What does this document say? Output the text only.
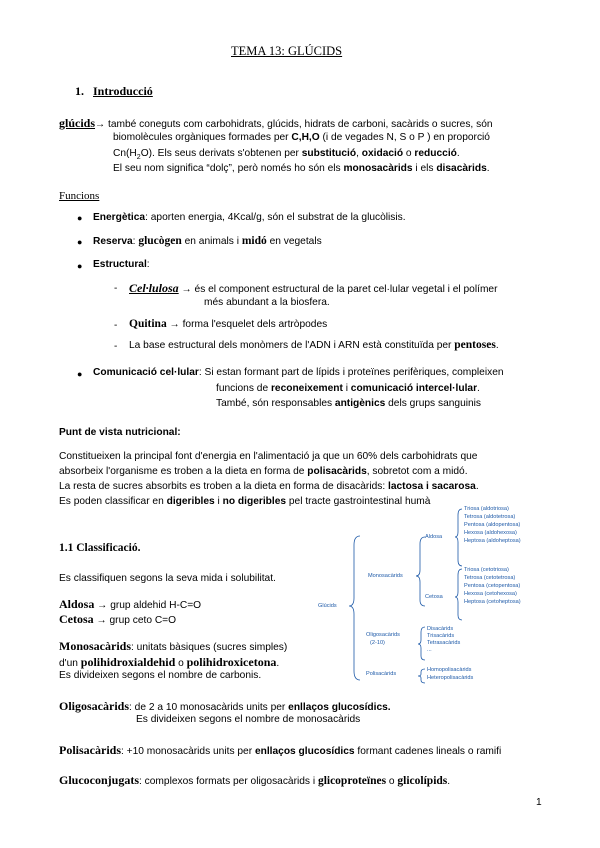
TEMA 13: GLÚCIDS
1. Introducció
glúcids→ també coneguts com carbohidrats, glúcids, hidrats de carboni, sacàrids o sucres, són
biomolècules orgàniques formades per C,H,O (i de vegades N, S o P ) en proporció
$Cn(H_2O)$. Els seus derivats s'obtenen per substitució, oxidació o reducció.
El seu nom significa “dolç”, però només ho són els monosacàrids i els disacàrids.
Funcions
● Energètica: aporten energia, 4Kcal/g, són el substrat de la glucòlisis.
● Reserva: glucògen en animals i midó en vegetals
● Estructural:
- Cel·lulosa → és el component estructural de la paret cel·lular vegetal i el polímer
més abundant a la biosfera.
- Quitina → forma l'esquelet dels artròpodes
- La base estructural dels monòmers de l'ADN i ARN està constituïda per pentoses.
● Comunicació cel·lular: Si estan formant part de lípids i proteïnes perifèriques, compleixen
funcions de reconeixement i comunicació intercel·lular.
També, són responsables antigènics dels grups sanguinis
Punt de vista nutricional:
Constitueixen la principal font d'energia en l'alimentació ja que un 60% dels carbohidrats que
absorbeix l'organisme es troben a la dieta en forma de polisacàrids, sobretot com a midó.
La resta de sucres absorbits es troben a la dieta en forma de disacàrids: lactosa i sacarosa.
Es poden classificar en digeribles i no digeribles pel tracte gastrointestinal humà
1.1 Classificació.
Es classifiquen segons la seva mida i solubilitat.
Aldosa → grup aldehid H-C=O
Cetosa → grup ceto C=O
Monosacàrids: unitats bàsiques (sucres simples)
d'un polihidroxialdehid o polihidroxicetona.
Es divideixen segons el nombre de carbonis.
Oligosacàrids: de 2 a 10 monosacàrids units per enllaços glucosídics.
Es divideixen segons el nombre de monosacàrids
Polisacàrids: +10 monosacàrids units per enllaços glucosídics formant cadenes lineals o ramifi
Glucoconjugats: complexos formats per oligosacàrids i glicoproteïnes o glicolípids.
Glúcids
Monosacàrids
Aldosa
Cetosa
Triosa (aldotriosa)
Tetrosa (aldotetrosa)
Pentosa (aldopentosa)
Hexosa (aldohexosa)
Heptosa (aldoheptosa)
Triosa (cetotriosa)
Tetrosa (cetotetrosa)
Pentosa (cetopentosa)
Hexosa (cetohexosa)
Heptosa (cetoheptosa)
Oligosacàrids
(2-10)
Disacàrids
Trisacàrids
Tetrasacàrids
...
Polisacàrids
Homopolisacàrids
Heteropolisacàrids
1
